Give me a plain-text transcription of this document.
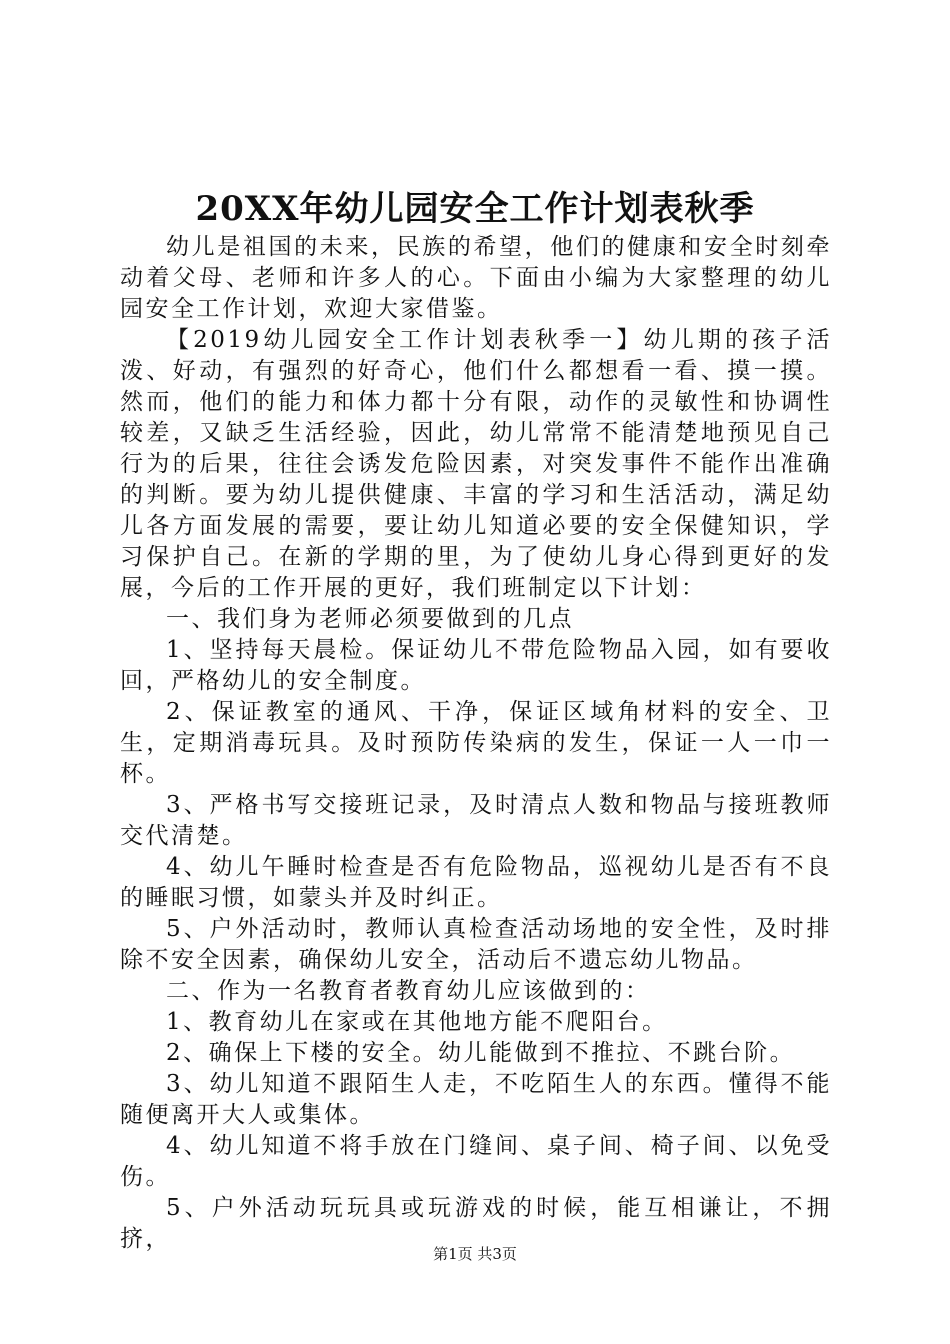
20XX年幼儿园安全工作计划表秋季

幼儿是祖国的未来，民族的希望，他们的健康和安全时刻牵动着父母、老师和许多人的心。下面由小编为大家整理的幼儿园安全工作计划，欢迎大家借鉴。

【2019幼儿园安全工作计划表秋季一】幼儿期的孩子活泼、好动，有强烈的好奇心，他们什么都想看一看、摸一摸。然而，他们的能力和体力都十分有限，动作的灵敏性和协调性较差，又缺乏生活经验，因此，幼儿常常不能清楚地预见自己行为的后果，往往会诱发危险因素，对突发事件不能作出准确的判断。要为幼儿提供健康、丰富的学习和生活活动，满足幼儿各方面发展的需要，要让幼儿知道必要的安全保健知识，学习保护自己。在新的学期的里，为了使幼儿身心得到更好的发展，今后的工作开展的更好，我们班制定以下计划：

一、我们身为老师必须要做到的几点

1、坚持每天晨检。保证幼儿不带危险物品入园，如有要收回，严格幼儿的安全制度。

2、保证教室的通风、干净，保证区域角材料的安全、卫生，定期消毒玩具。及时预防传染病的发生，保证一人一巾一杯。

3、严格书写交接班记录，及时清点人数和物品与接班教师交代清楚。

4、幼儿午睡时检查是否有危险物品，巡视幼儿是否有不良的睡眠习惯，如蒙头并及时纠正。

5、户外活动时，教师认真检查活动场地的安全性，及时排除不安全因素，确保幼儿安全，活动后不遗忘幼儿物品。

二、作为一名教育者教育幼儿应该做到的：

1、教育幼儿在家或在其他地方能不爬阳台。

2、确保上下楼的安全。幼儿能做到不推拉、不跳台阶。

3、幼儿知道不跟陌生人走，不吃陌生人的东西。懂得不能随便离开大人或集体。

4、幼儿知道不将手放在门缝间、桌子间、椅子间、以免受伤。

5、户外活动玩玩具或玩游戏的时候，能互相谦让，不拥挤，

第1页 共3页
